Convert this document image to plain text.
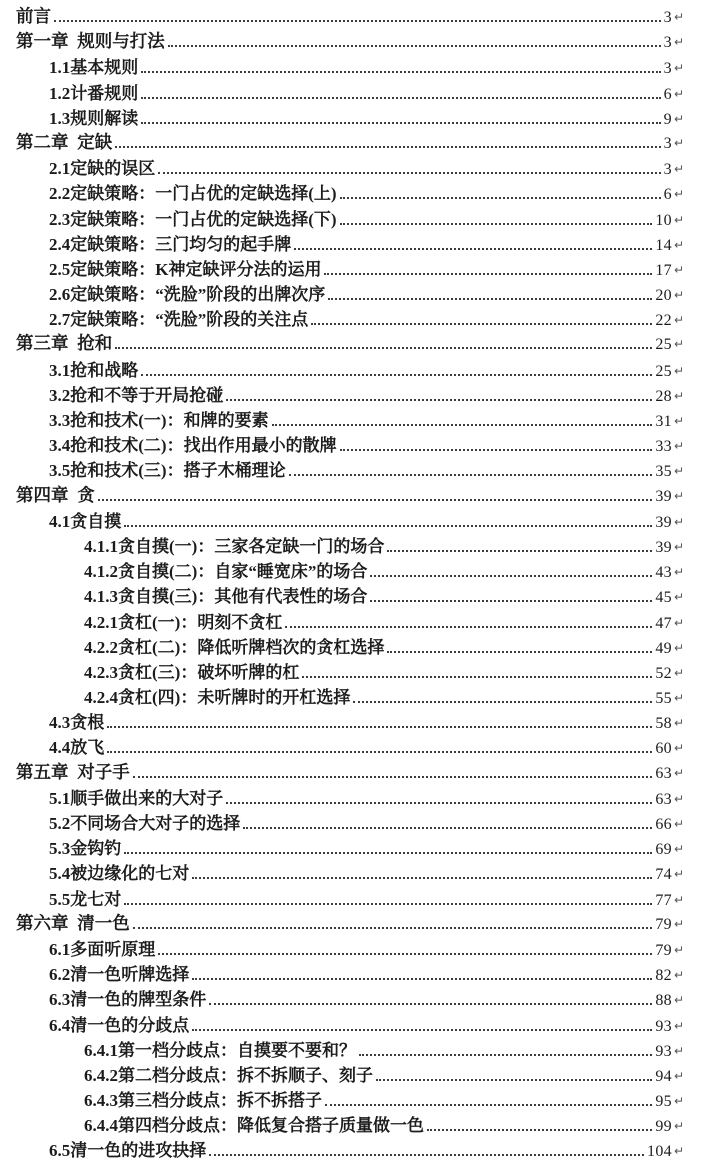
前言	3 ↵
第一章  规则与打法	3 ↵
1.1基本规则	3 ↵
1.2计番规则	6 ↵
1.3规则解读	9 ↵
第二章  定缺	3 ↵
2.1定缺的误区	3 ↵
2.2定缺策略：一门占优的定缺选择(上)	6 ↵
2.3定缺策略：一门占优的定缺选择(下)	10 ↵
2.4定缺策略：三门均匀的起手牌	14 ↵
2.5定缺策略：K神定缺评分法的运用	17 ↵
2.6定缺策略：“洗脸”阶段的出牌次序	20 ↵
2.7定缺策略：“洗脸”阶段的关注点	22 ↵
第三章  抢和	25 ↵
3.1抢和战略	25 ↵
3.2抢和不等于开局抢碰	28 ↵
3.3抢和技术(一)：和牌的要素	31 ↵
3.4抢和技术(二)：找出作用最小的散牌	33 ↵
3.5抢和技术(三)：搭子木桶理论	35 ↵
第四章  贪	39 ↵
4.1贪自摸	39 ↵
4.1.1贪自摸(一)：三家各定缺一门的场合	39 ↵
4.1.2贪自摸(二)：自家“睡宽床”的场合	43 ↵
4.1.3贪自摸(三)：其他有代表性的场合	45 ↵
4.2.1贪杠(一)：明刻不贪杠	47 ↵
4.2.2贪杠(二)：降低听牌档次的贪杠选择	49 ↵
4.2.3贪杠(三)：破坏听牌的杠	52 ↵
4.2.4贪杠(四)：未听牌时的开杠选择	55 ↵
4.3贪根	58 ↵
4.4放飞	60 ↵
第五章  对子手	63 ↵
5.1顺手做出来的大对子	63 ↵
5.2不同场合大对子的选择	66 ↵
5.3金钩钓	69 ↵
5.4被边缘化的七对	74 ↵
5.5龙七对	77 ↵
第六章  清一色	79 ↵
6.1多面听原理	79 ↵
6.2清一色听牌选择	82 ↵
6.3清一色的牌型条件	88 ↵
6.4清一色的分歧点	93 ↵
6.4.1第一档分歧点：自摸要不要和？	93 ↵
6.4.2第二档分歧点：拆不拆顺子、刻子	94 ↵
6.4.3第三档分歧点：拆不拆搭子	95 ↵
6.4.4第四档分歧点：降低复合搭子质量做一色	99 ↵
6.5清一色的进攻抉择	104 ↵
